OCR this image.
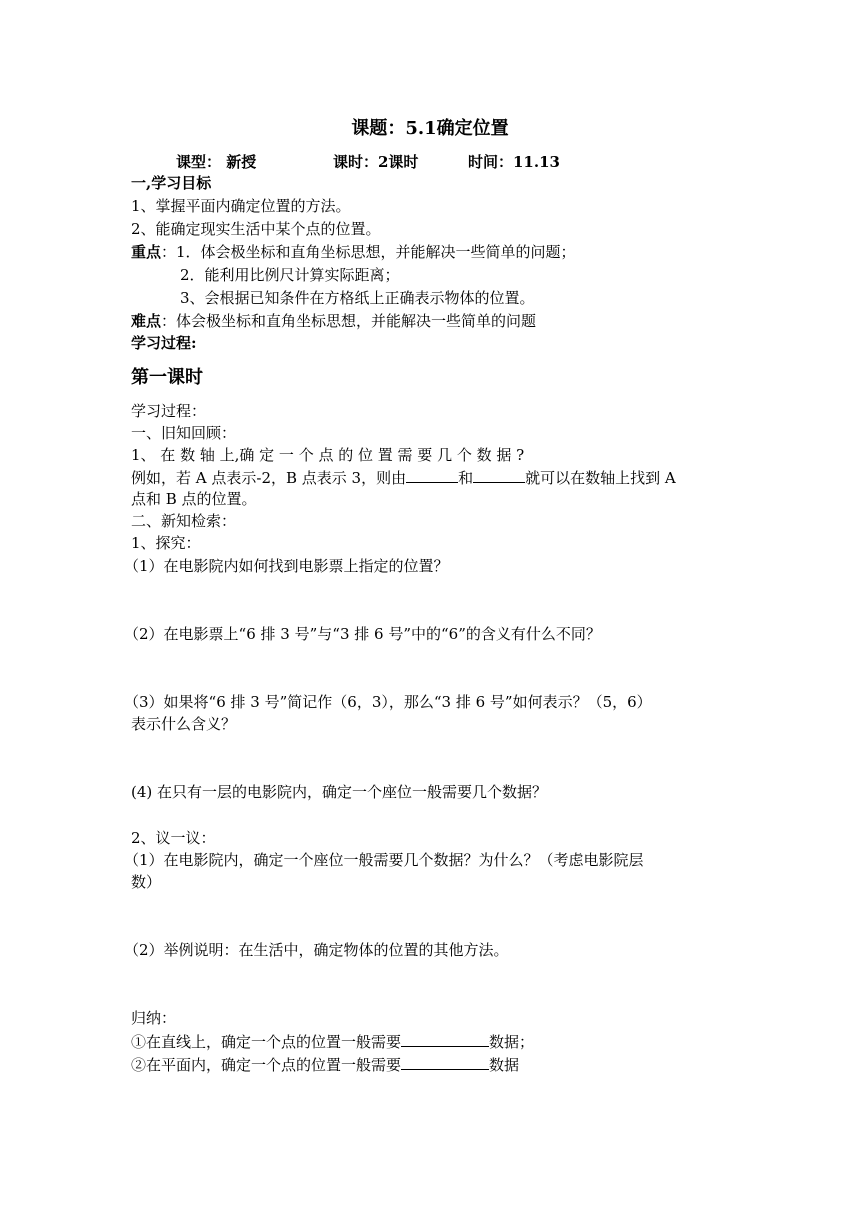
课题：5.1确定位置
课型： 新授	课时：2课时	时间：11.13
一,学习目标
1、掌握平面内确定位置的方法。
2、能确定现实生活中某个点的位置。
重点：1．体会极坐标和直角坐标思想，并能解决一些简单的问题；
2．能利用比例尺计算实际距离；
3、会根据已知条件在方格纸上正确表示物体的位置。
难点：体会极坐标和直角坐标思想，并能解决一些简单的问题
学习过程:
第一课时
学习过程：
一、旧知回顾：
1、 在 数 轴 上,确 定 一 个 点 的 位 置 需 要 几 个 数 据 ?
例如，若 A 点表示-2，B 点表示 3，则由	和	就可以在数轴上找到 A
点和 B 点的位置。
二、新知检索：
1、探究：
（1）在电影院内如何找到电影票上指定的位置？
（2）在电影票上“6 排 3 号”与“3 排 6 号”中的“6”的含义有什么不同？
（3）如果将“6 排 3 号”简记作（6，3），那么“3 排 6 号”如何表示？（5，6）
表示什么含义？
(4) 在只有一层的电影院内，确定一个座位一般需要几个数据？
2、议一议：
（1）在电影院内，确定一个座位一般需要几个数据？为什么？（考虑电影院层
数）
（2）举例说明：在生活中，确定物体的位置的其他方法。
归纳：
①在直线上，确定一个点的位置一般需要	数据；
②在平面内，确定一个点的位置一般需要	数据
